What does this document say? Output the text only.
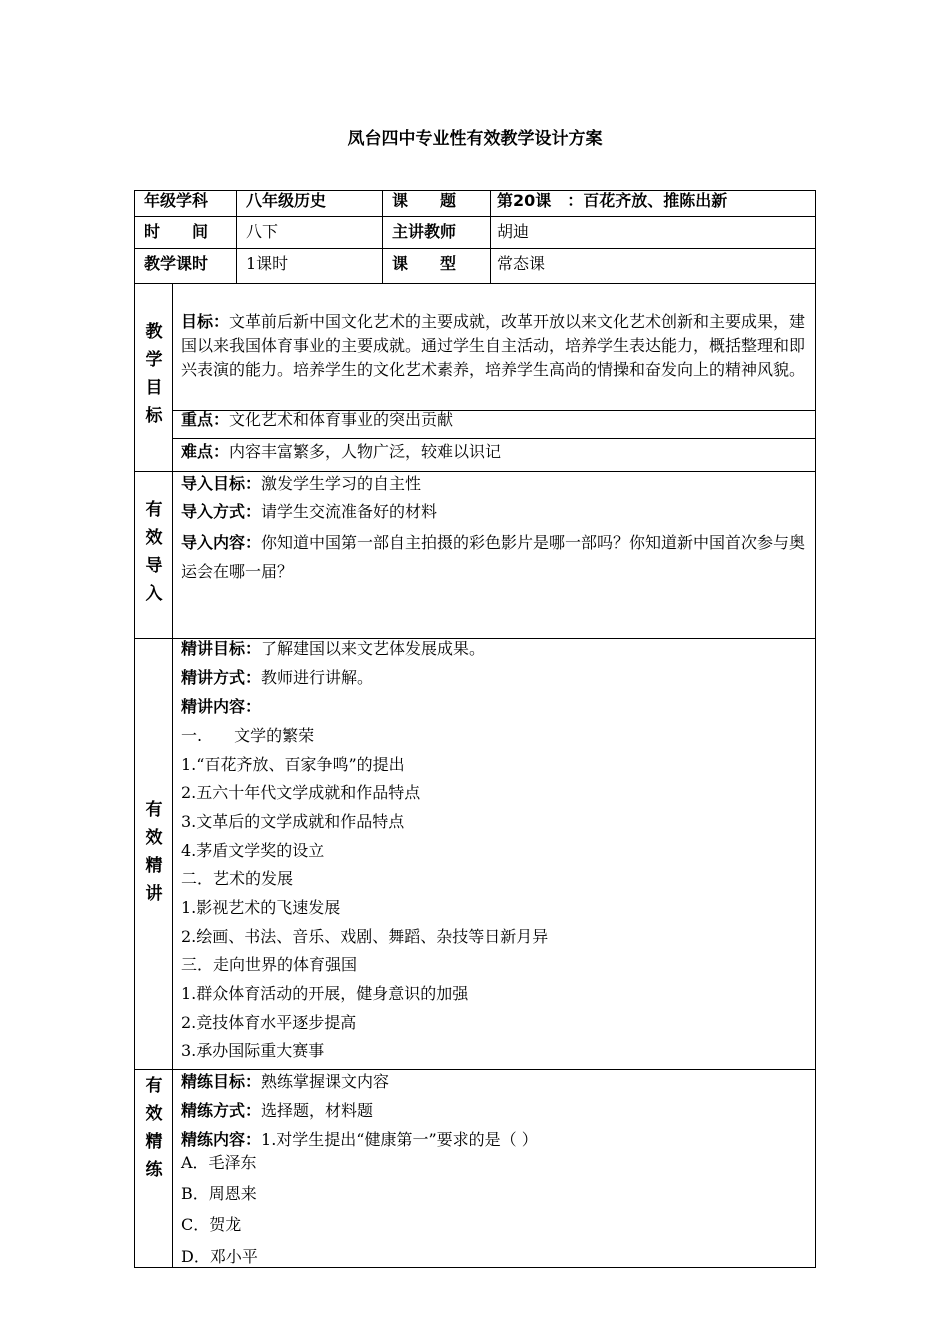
凤台四中专业性有效教学设计方案
年级学科 八年级历史	课　　题	第20课　：百花齐放、推陈出新
时　　间 八下	主讲教师	胡迪
教学课时 1课时	课　　型	常态课
教
学
目
标
目标：文革前后新中国文化艺术的主要成就，改革开放以来文化艺术创新和主要成果，建国以来我国体育事业的主要成就。通过学生自主活动，培养学生表达能力，概括整理和即兴表演的能力。培养学生的文化艺术素养，培养学生高尚的情操和奋发向上的精神风貌。
重点：文化艺术和体育事业的突出贡献
难点：内容丰富繁多，人物广泛，较难以识记
有
效
导
入
导入目标：激发学生学习的自主性
导入方式：请学生交流准备好的材料
导入内容：你知道中国第一部自主拍摄的彩色影片是哪一部吗？你知道新中国首次参与奥运会在哪一届？
有
效
精
讲
精讲目标：了解建国以来文艺体发展成果。
精讲方式：教师进行讲解。
精讲内容：
一.　　文学的繁荣
1.“百花齐放、百家争鸣”的提出
2.五六十年代文学成就和作品特点
3.文革后的文学成就和作品特点
4.茅盾文学奖的设立
二．艺术的发展
1.影视艺术的飞速发展
2.绘画、书法、音乐、戏剧、舞蹈、杂技等日新月异
三．走向世界的体育强国
1.群众体育活动的开展，健身意识的加强
2.竞技体育水平逐步提高
3.承办国际重大赛事
有
效
精
练
精练目标：熟练掌握课文内容
精练方式：选择题，材料题
精练内容：1.对学生提出“健康第一”要求的是（ ）
A．毛泽东
B．周恩来
C．贺龙
D．邓小平
